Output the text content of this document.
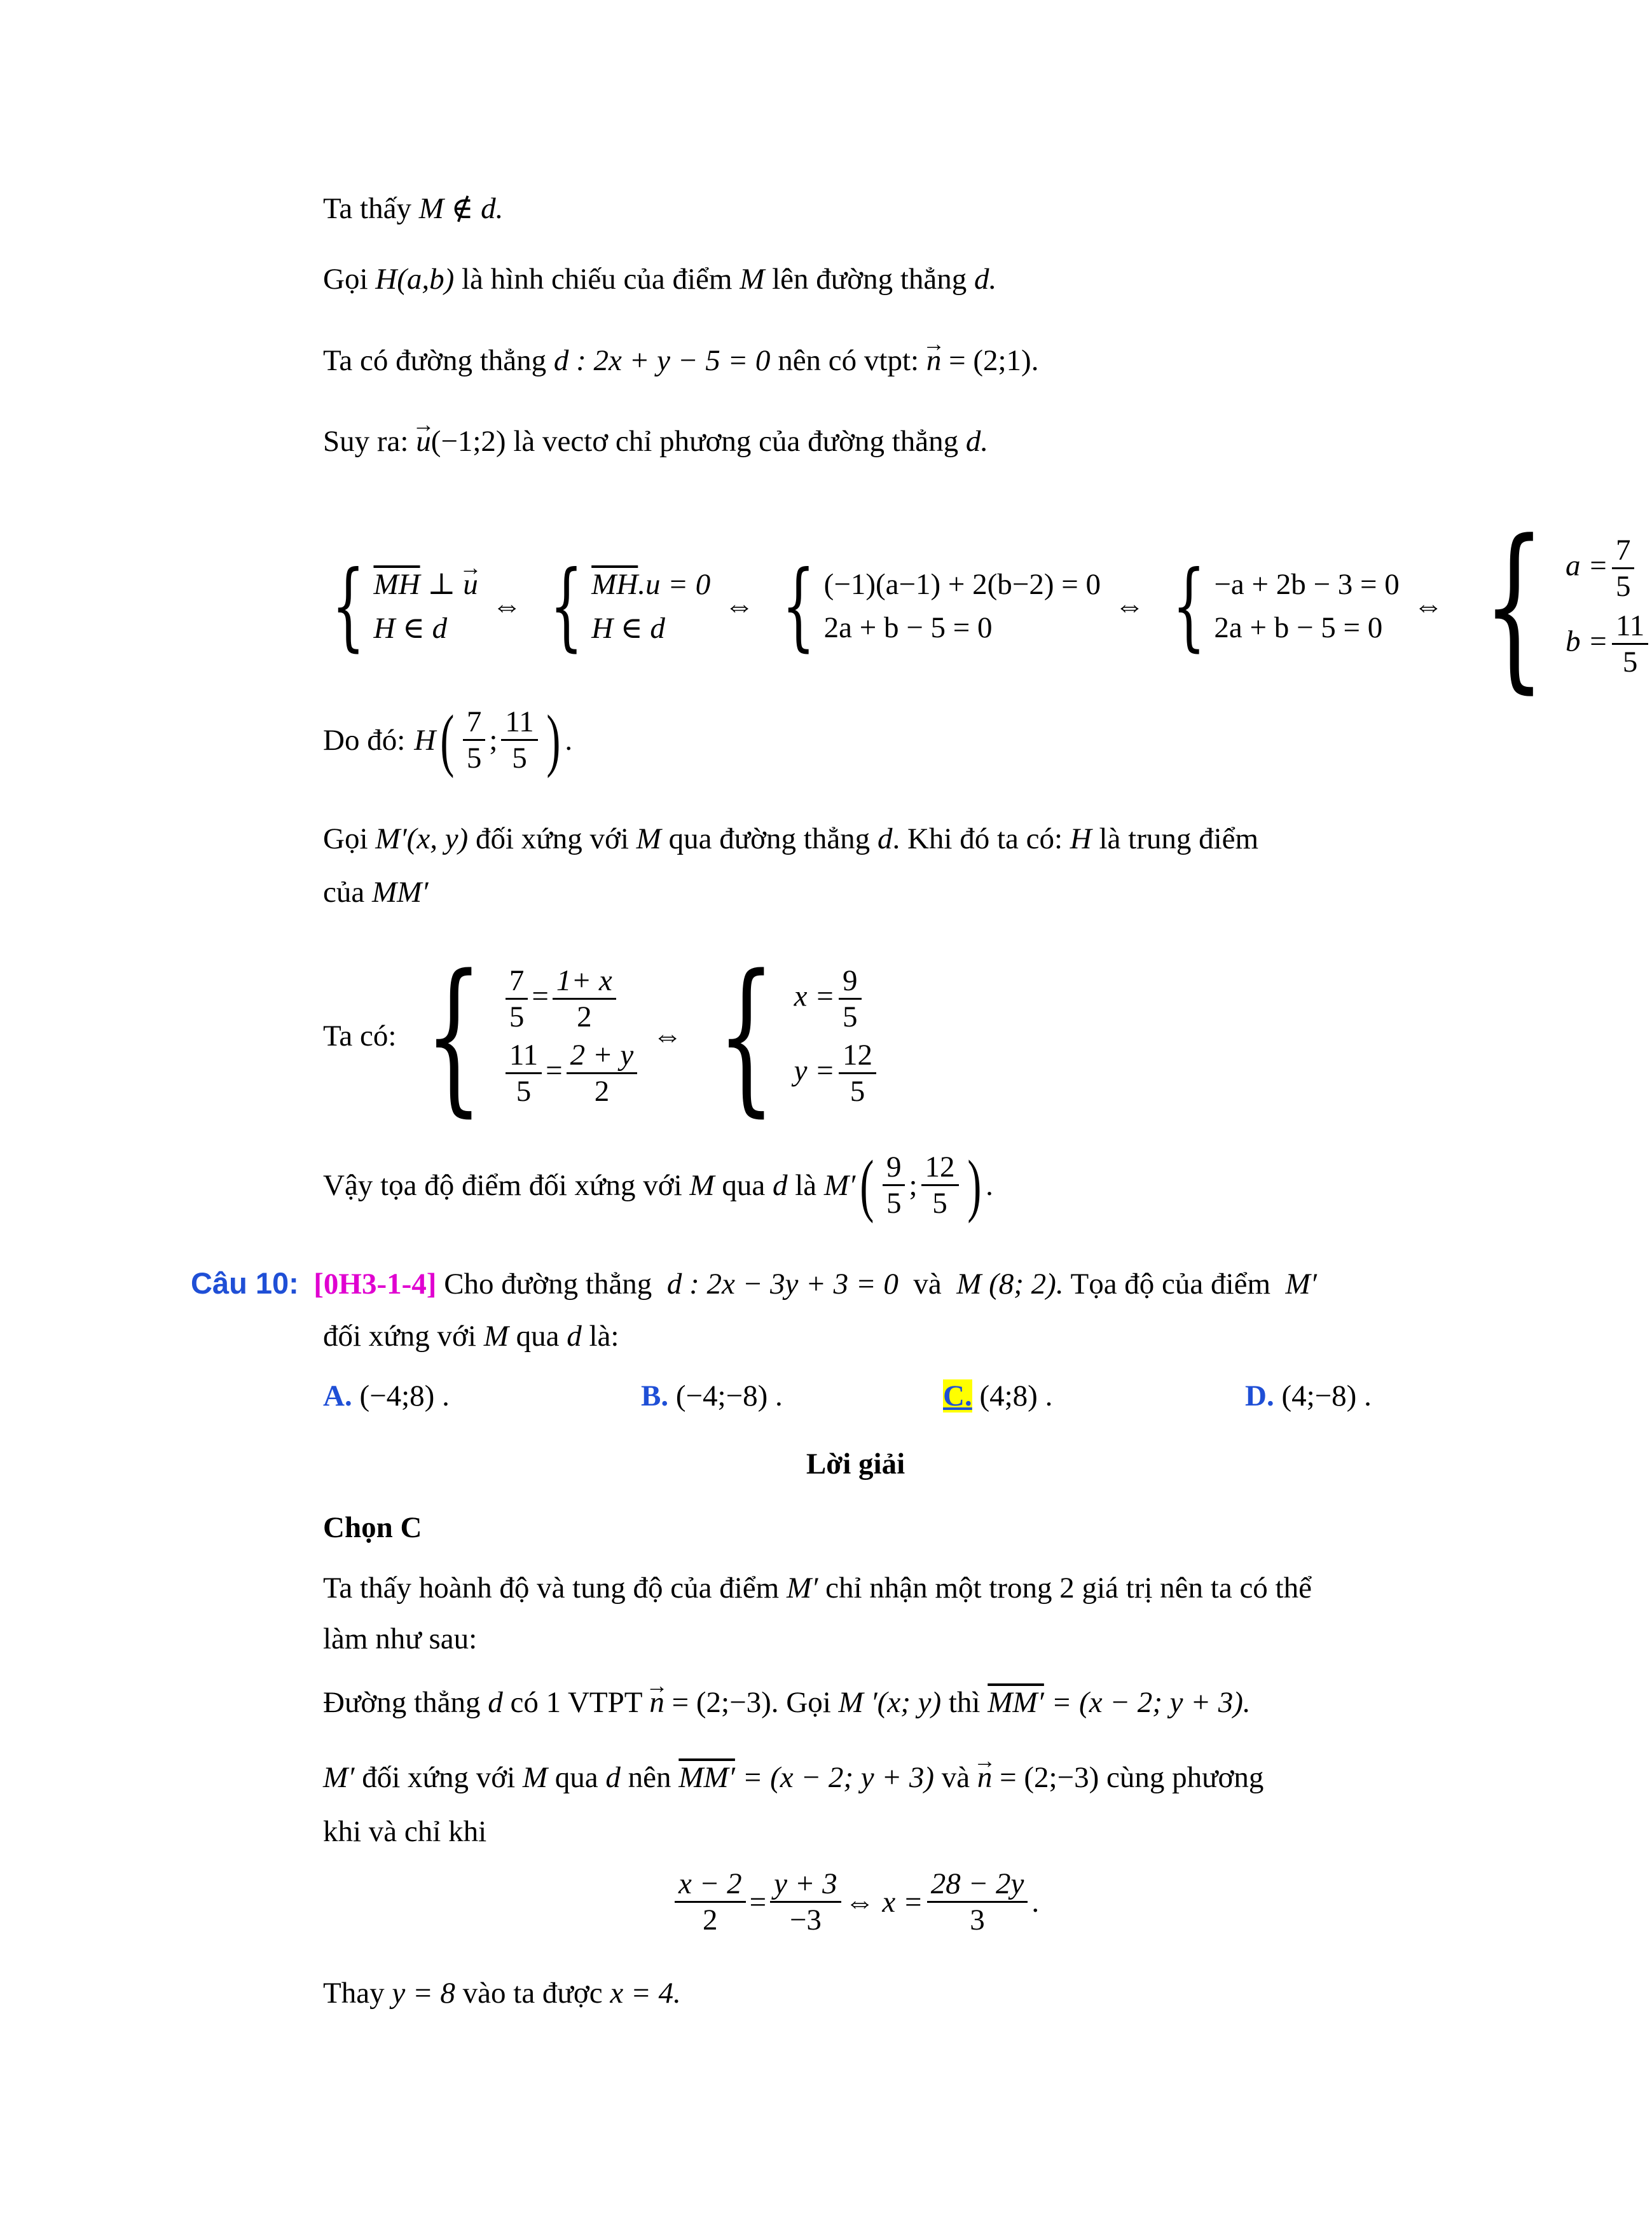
Ta thấy M ∉ d.
Gọi H(a,b) là hình chiếu của điểm M lên đường thẳng d.
Ta có đường thẳng d : 2x + y − 5 = 0 nên có vtpt: → n = (2;1).
Suy ra: → u(−1;2) là vectơ chỉ phương của đường thẳng d.
{ $\overline{MH}$ ⊥ → u
H ∈ d
⇔ { $\overline{MH}.u = 0$
H ∈ d
⇔ { (−1)(a−1) + 2(b−2) = 0
2a + b − 5 = 0
⇔ { −a + 2b − 3 = 0
2a + b − 5 = 0
⇔ { $a = \frac{7}{5}$
$b = \frac{11}{5}$
Do đó: H ( $\frac{7}{5}$ ; $\frac{11}{5}$ ) .
Gọi M′(x, y) đối xứng với M qua đường thẳng d. Khi đó ta có: H là trung điểm
của MM′
Ta có: { $\frac{7}{5} = \frac{1+ x}{2}$
$\frac{11}{5} = \frac{2 + y}{2}$
⇔ { $x = \frac{9}{5}$
$y = \frac{12}{5}$
Vậy tọa độ điểm đối xứng với
M
qua
d
là
M′ ( $\frac{9}{5}$ ; $\frac{12}{5}$ ) .
Câu 10: [0H3-1-4] Cho đường thẳng d : 2x − 3y + 3 = 0 và M (8; 2). Tọa độ của điểm M′
đối xứng với M qua d là:
A. (−4;8) .	B. (−4;−8) .	C. (4;8) .	D. (4;−8) .
Lời giải
Chọn C
Ta thấy hoành độ và tung độ của điểm M′ chỉ nhận một trong 2 giá trị nên ta có thể
làm như sau:
Đường thẳng d có 1 VTPT → n = (2;−3). Gọi M ′(x; y) thì MM′ = (x − 2; y + 3).
M′ đối xứng với M qua d nên MM′ = (x − 2; y + 3) và → n = (2;−3) cùng phương
khi và chỉ khi
$\frac{x - 2}{2} = \frac{y + 3}{-3}$ ⇔ $x = \frac{28 - 2y}{3}$ .
Thay y = 8 vào ta được x = 4.
